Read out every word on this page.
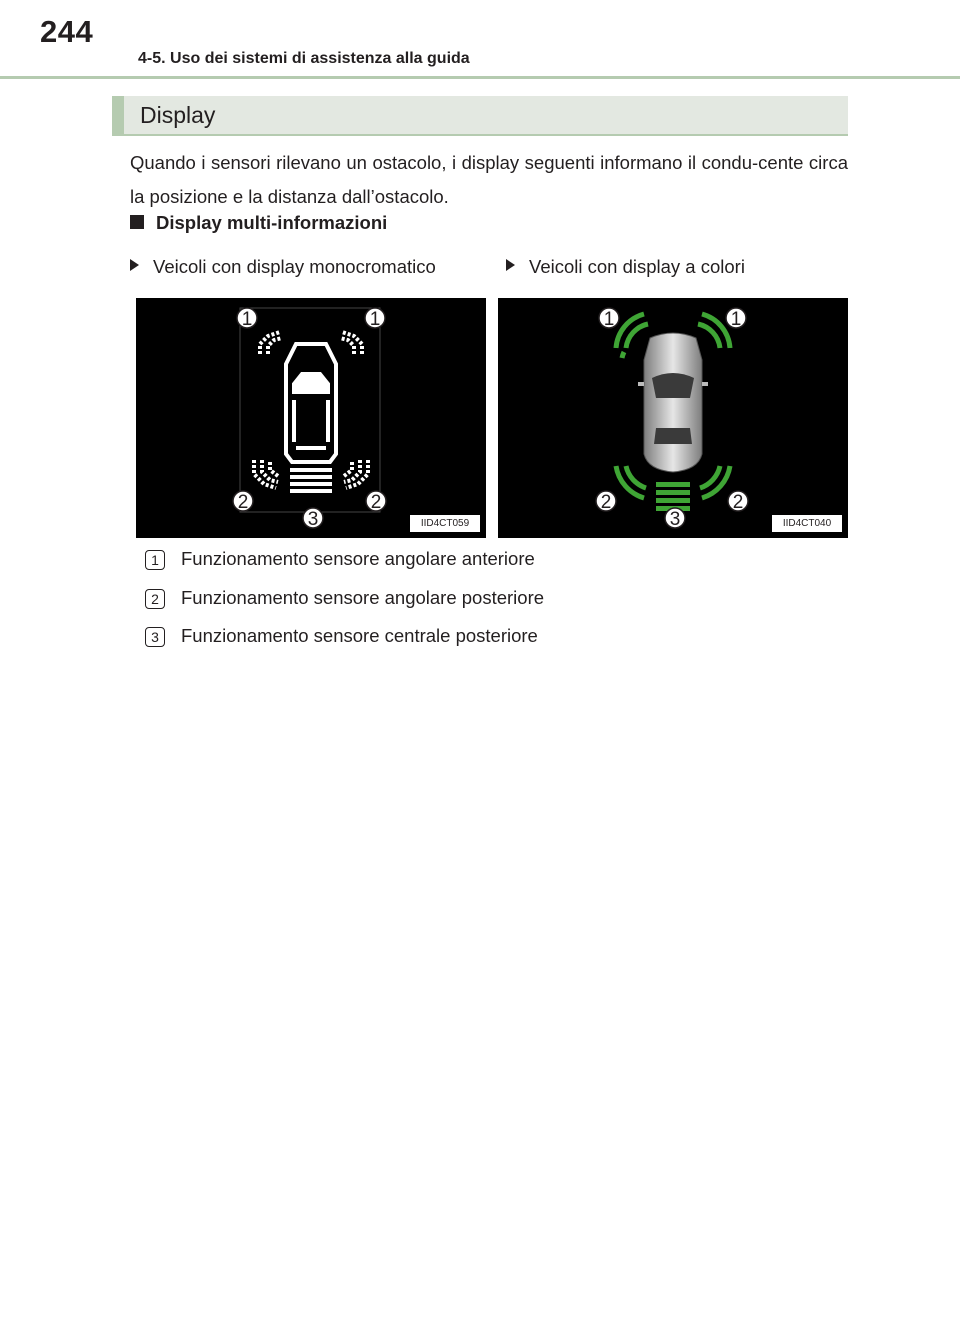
244
4-5. Uso dei sistemi di assistenza alla guida
Display
Quando i sensori rilevano un ostacolo, i display seguenti informano il condu-cente circa la posizione e la distanza dall’ostacolo.
Display multi-informazioni
Veicoli con display monocromatico	Veicoli con display a colori
1	1
2	2
3	IID4CT059
1	1
2	2
3	IID4CT040
1	Funzionamento sensore angolare anteriore
2	Funzionamento sensore angolare posteriore
3	Funzionamento sensore centrale posteriore
